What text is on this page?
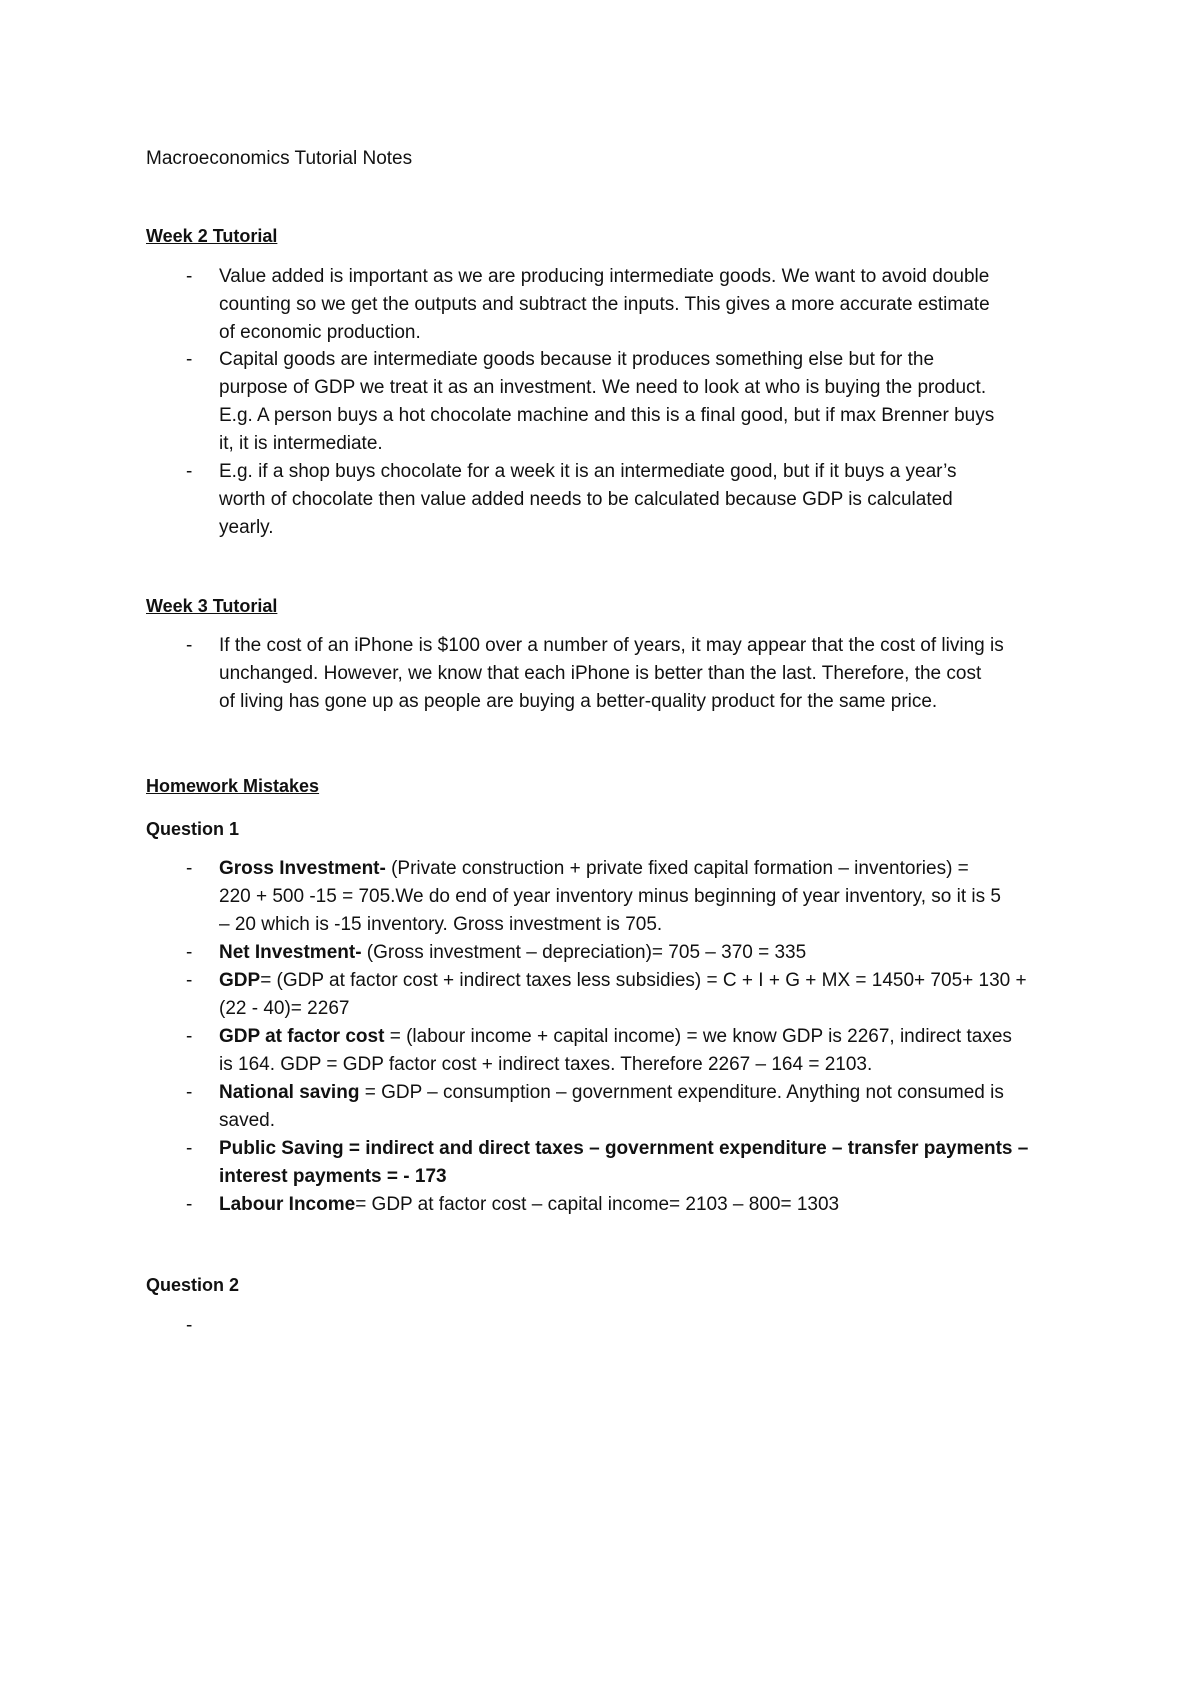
Macroeconomics Tutorial Notes
Week 2 Tutorial
- Value added is important as we are producing intermediate goods. We want to avoid double
counting so we get the outputs and subtract the inputs. This gives a more accurate estimate
of economic production.
- Capital goods are intermediate goods because it produces something else but for the
purpose of GDP we treat it as an investment. We need to look at who is buying the product.
E.g. A person buys a hot chocolate machine and this is a final good, but if max Brenner buys
it, it is intermediate.
- E.g. if a shop buys chocolate for a week it is an intermediate good, but if it buys a year’s
worth of chocolate then value added needs to be calculated because GDP is calculated
yearly.
Week 3 Tutorial
- If the cost of an iPhone is $100 over a number of years, it may appear that the cost of living is
unchanged. However, we know that each iPhone is better than the last. Therefore, the cost
of living has gone up as people are buying a better-quality product for the same price.
Homework Mistakes
Question 1
- Gross Investment- (Private construction + private fixed capital formation – inventories) =
220 + 500 -15 = 705.We do end of year inventory minus beginning of year inventory, so it is 5
– 20 which is -15 inventory. Gross investment is 705.
- Net Investment- (Gross investment – depreciation)= 705 – 370 = 335
- GDP= (GDP at factor cost + indirect taxes less subsidies) = C + I + G + MX = 1450+ 705+ 130 +
(22 - 40)= 2267
- GDP at factor cost = (labour income + capital income) = we know GDP is 2267, indirect taxes
is 164. GDP = GDP factor cost + indirect taxes. Therefore 2267 – 164 = 2103.
- National saving = GDP – consumption – government expenditure. Anything not consumed is
saved.
- Public Saving = indirect and direct taxes – government expenditure – transfer payments –
interest payments = - 173
- Labour Income= GDP at factor cost – capital income= 2103 – 800= 1303
Question 2
-
